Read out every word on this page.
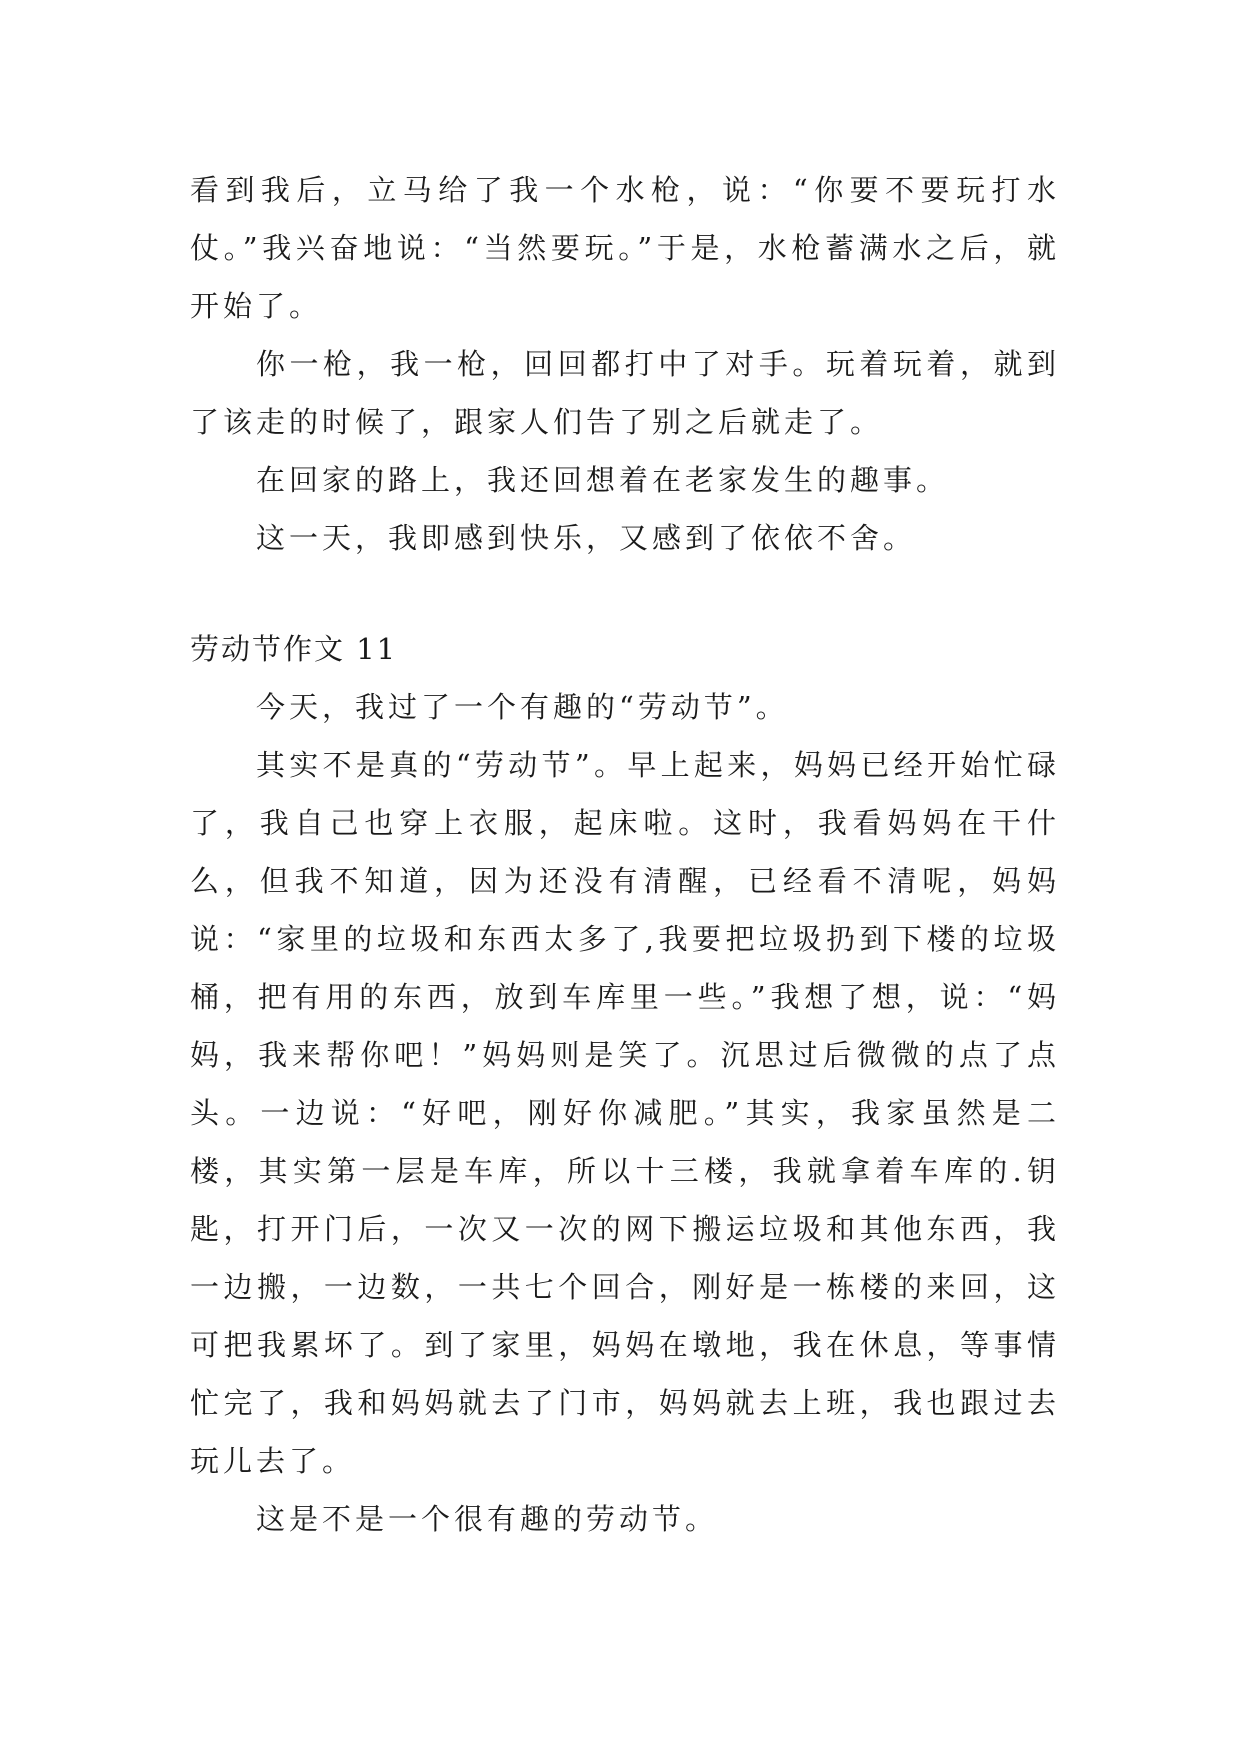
看到我后，立马给了我一个水枪，说：“你要不要玩打水仗。”我兴奋地说：“当然要玩。”于是，水枪蓄满水之后，就开始了。

你一枪，我一枪，回回都打中了对手。玩着玩着，就到了该走的时候了，跟家人们告了别之后就走了。

在回家的路上，我还回想着在老家发生的趣事。

这一天，我即感到快乐，又感到了依依不舍。

劳动节作文 11

今天，我过了一个有趣的“劳动节”。

其实不是真的“劳动节”。早上起来，妈妈已经开始忙碌了，我自己也穿上衣服，起床啦。这时，我看妈妈在干什么，但我不知道，因为还没有清醒，已经看不清呢，妈妈说：“家里的垃圾和东西太多了,我要把垃圾扔到下楼的垃圾桶，把有用的东西，放到车库里一些。”我想了想，说：“妈妈，我来帮你吧！”妈妈则是笑了。沉思过后微微的点了点头。一边说：“好吧，刚好你减肥。”其实，我家虽然是二楼，其实第一层是车库，所以十三楼，我就拿着车库的.钥匙，打开门后，一次又一次的网下搬运垃圾和其他东西，我一边搬，一边数，一共七个回合，刚好是一栋楼的来回，这可把我累坏了。到了家里，妈妈在墩地，我在休息，等事情忙完了，我和妈妈就去了门市，妈妈就去上班，我也跟过去玩儿去了。

这是不是一个很有趣的劳动节。
